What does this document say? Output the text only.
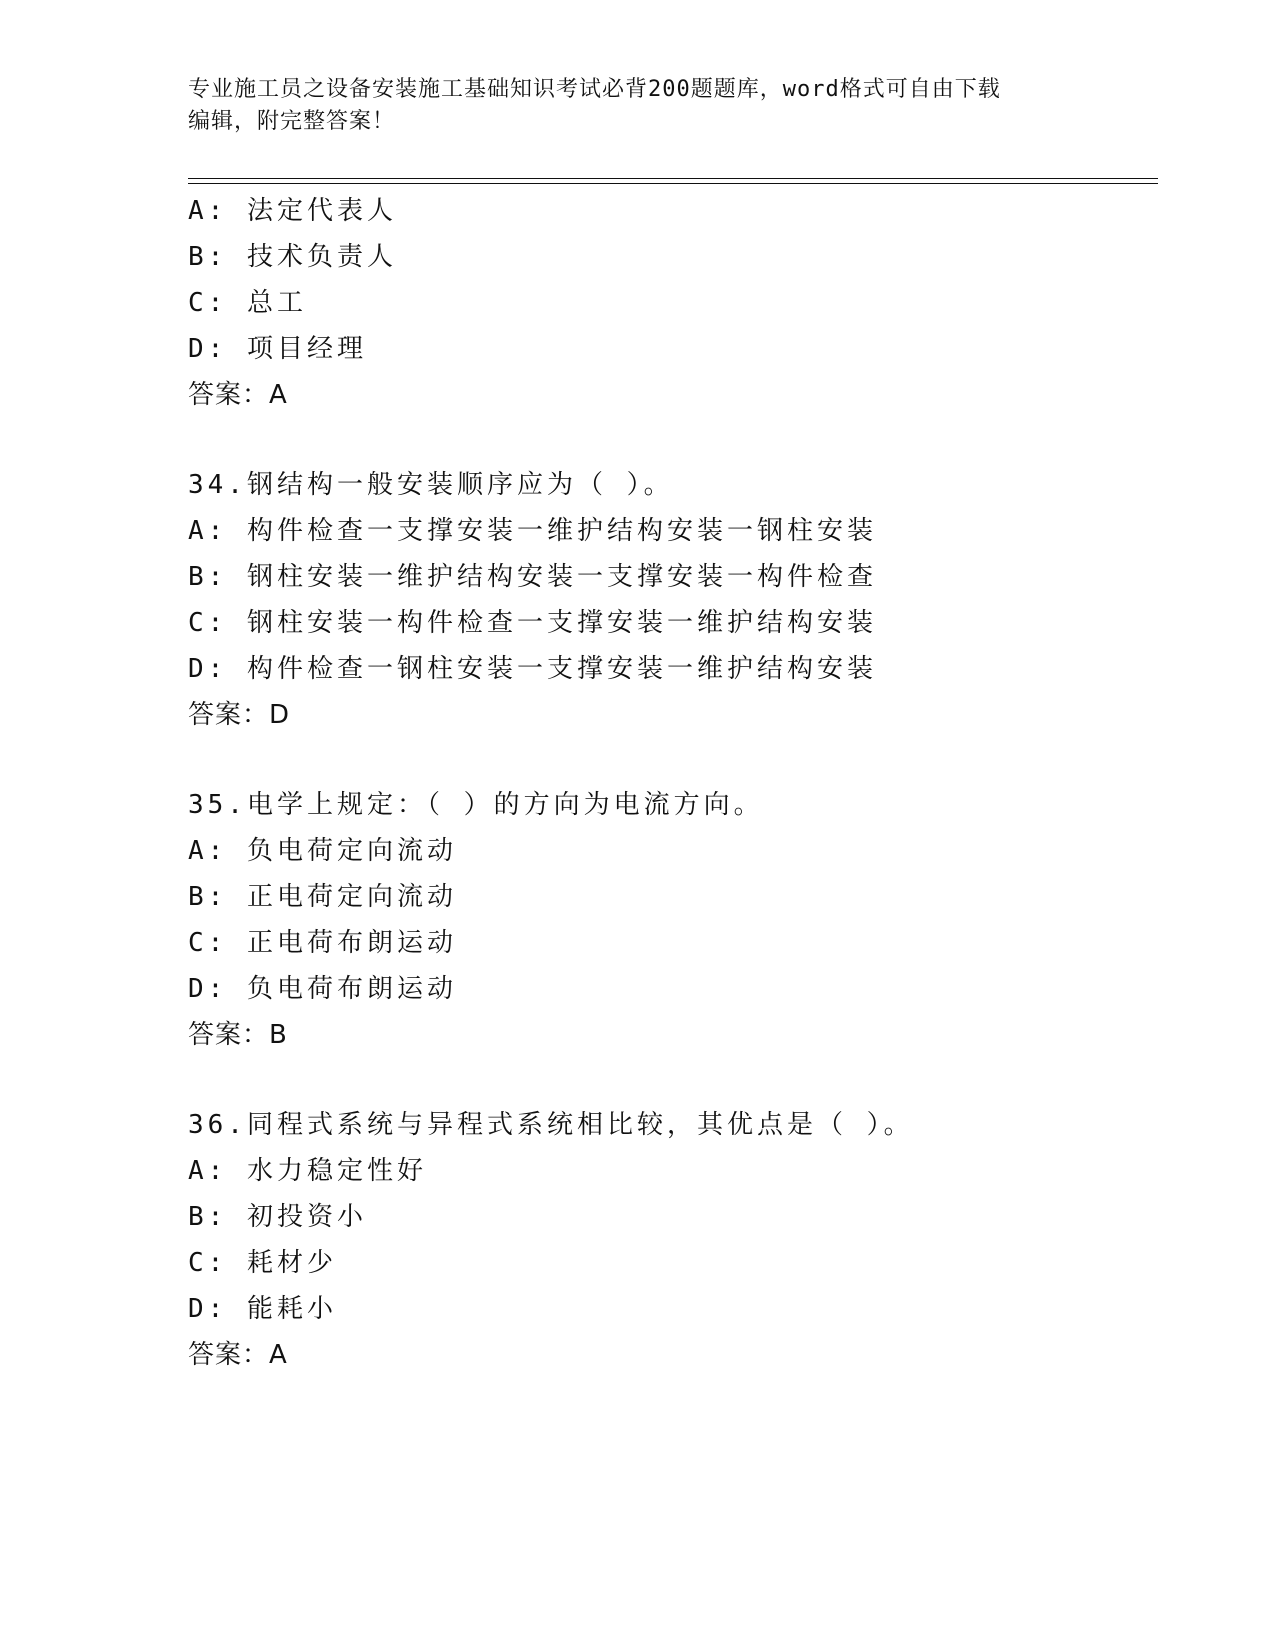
专业施工员之设备安装施工基础知识考试必背200题题库，word格式可自由下载
编辑，附完整答案！
A: 法定代表人
B: 技术负责人
C: 总工
D: 项目经理
答案：A
34.钢结构一般安装顺序应为（ ）。
A: 构件检查一支撑安装一维护结构安装一钢柱安装
B: 钢柱安装一维护结构安装一支撑安装一构件检查
C: 钢柱安装一构件检查一支撑安装一维护结构安装
D: 构件检查一钢柱安装一支撑安装一维护结构安装
答案：D
35.电学上规定：（ ）的方向为电流方向。
A: 负电荷定向流动
B: 正电荷定向流动
C: 正电荷布朗运动
D: 负电荷布朗运动
答案：B
36.同程式系统与异程式系统相比较，其优点是（ ）。
A: 水力稳定性好
B: 初投资小
C: 耗材少
D: 能耗小
答案：A
